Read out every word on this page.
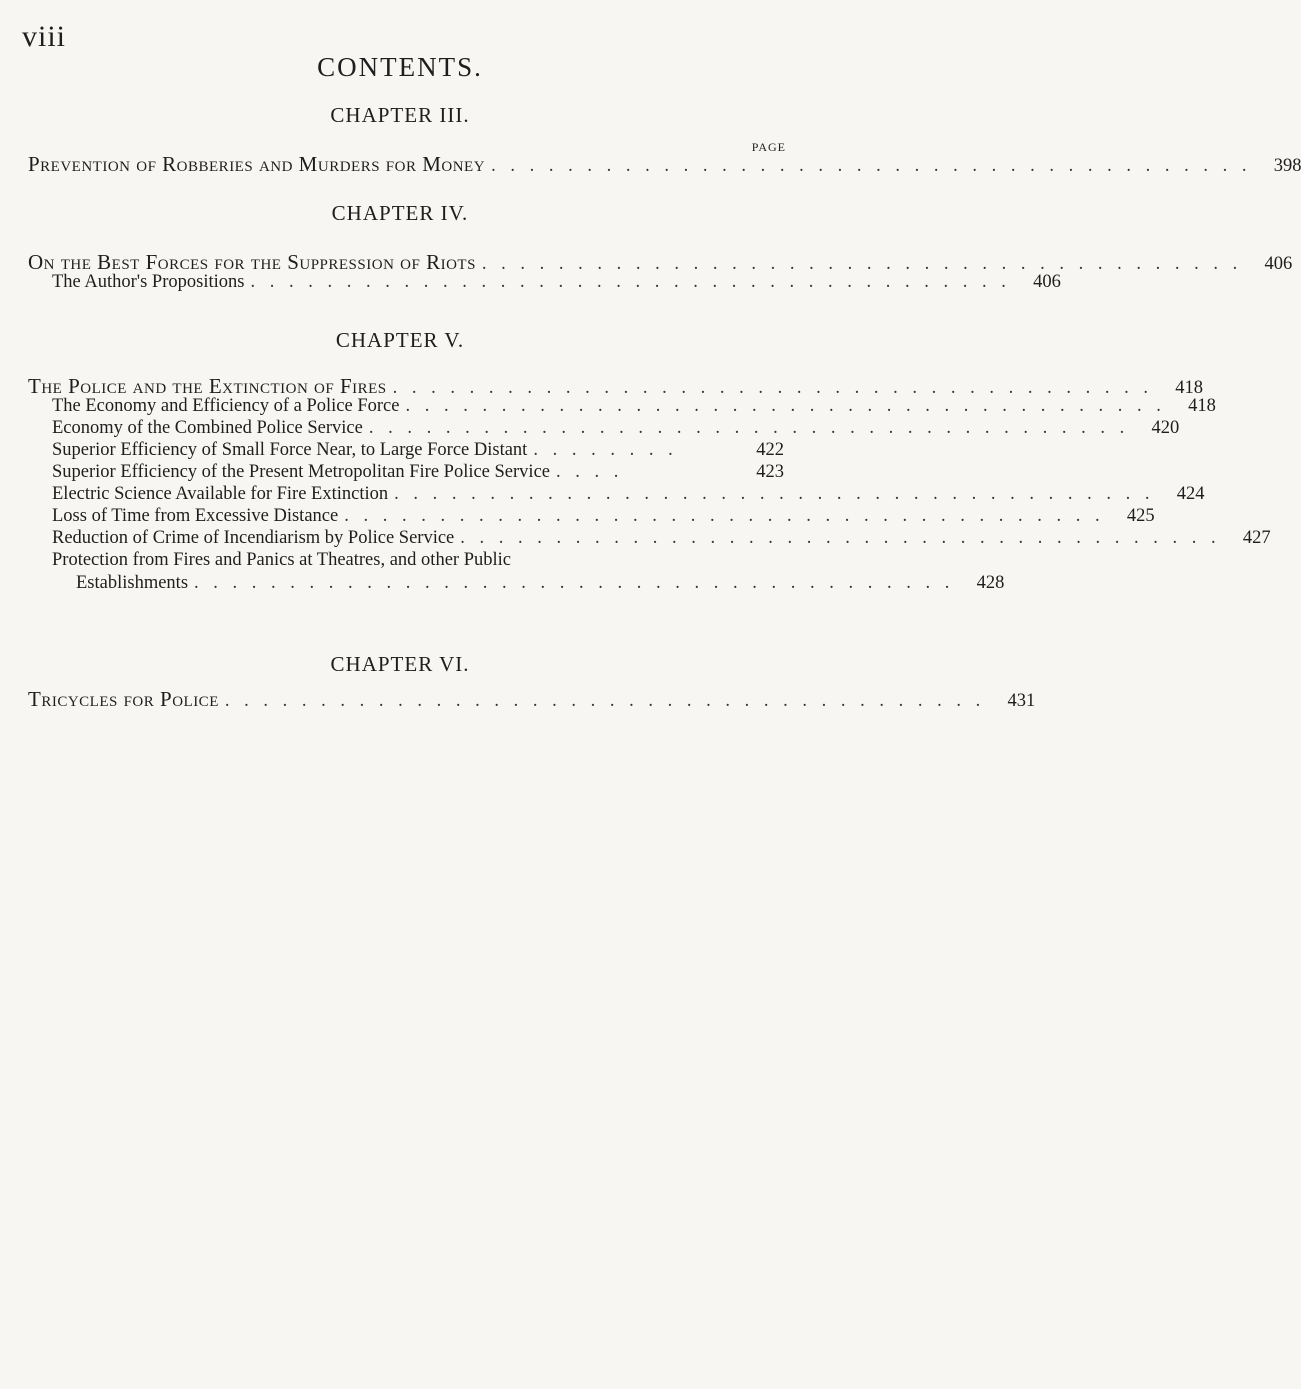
viii
CONTENTS.
CHAPTER III.
PAGE
Prevention of Robberies and Murders for Money . . . . . . . . . . . . . . . . . . . . . . . . . . . . . . . . . . . . . . . .	398
CHAPTER IV.
On the Best Forces for the Suppression of Riots . . . . . . . . . . . . . . . . . . . . . . . . . . . . . . . . . . . . . . . .	406
The Author's Propositions . . . . . . . . . . . . . . . . . . . . . . . . . . . . . . . . . . . . . . . .	406
CHAPTER V.
The Police and the Extinction of Fires . . . . . . . . . . . . . . . . . . . . . . . . . . . . . . . . . . . . . . . .	418
The Economy and Efficiency of a Police Force . . . . . . . . . . . . . . . . . . . . . . . . . . . . . . . . . . . . . . . .	418
Economy of the Combined Police Service . . . . . . . . . . . . . . . . . . . . . . . . . . . . . . . . . . . . . . . .	420
Superior Efficiency of Small Force Near, to Large Force Distant . . . . . . . .	422
Superior Efficiency of the Present Metropolitan Fire Police Service . . . .	423
Electric Science Available for Fire Extinction . . . . . . . . . . . . . . . . . . . . . . . . . . . . . . . . . . . . . . . .	424
Loss of Time from Excessive Distance . . . . . . . . . . . . . . . . . . . . . . . . . . . . . . . . . . . . . . . .	425
Reduction of Crime of Incendiarism by Police Service . . . . . . . . . . . . . . . . . . . . . . . . . . . . . . . . . . . . . . . .	427
Protection from Fires and Panics at Theatres, and other Public
Establishments . . . . . . . . . . . . . . . . . . . . . . . . . . . . . . . . . . . . . . . .	428
CHAPTER VI.
Tricycles for Police . . . . . . . . . . . . . . . . . . . . . . . . . . . . . . . . . . . . . . . .	431
